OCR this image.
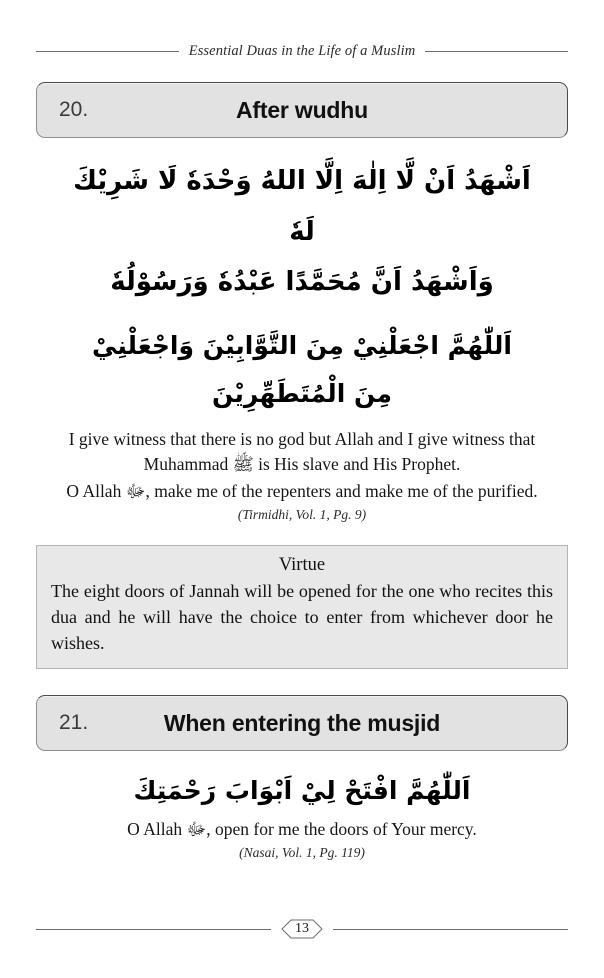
Essential Duas in the Life of a Muslim
20.	After wudhu
اَشْهَدُ اَنْ لَّا اِلٰهَ اِلَّا اللهُ وَحْدَهٗ لَا شَرِيْكَ لَهٗ
وَاَشْهَدُ اَنَّ مُحَمَّدًا عَبْدُهٗ وَرَسُوْلُهٗ
اَللّٰهُمَّ اجْعَلْنِيْ مِنَ التَّوَّابِيْنَ وَاجْعَلْنِيْ
مِنَ الْمُتَطَهِّرِيْنَ

I give witness that there is no god but Allah and I give witness that Muhammad ﷺ is His slave and His Prophet.

O Allah ﷻ, make me of the repenters and make me of the purified.

(Tirmidhi, Vol. 1, Pg. 9)
Virtue
The eight doors of Jannah will be opened for the one who recites this dua and he will have the choice to enter from whichever door he wishes.
21.	When entering the musjid
اَللّٰهُمَّ افْتَحْ لِيْ اَبْوَابَ رَحْمَتِكَ

O Allah ﷻ, open for me the doors of Your mercy.

(Nasai, Vol. 1, Pg. 119)
13
